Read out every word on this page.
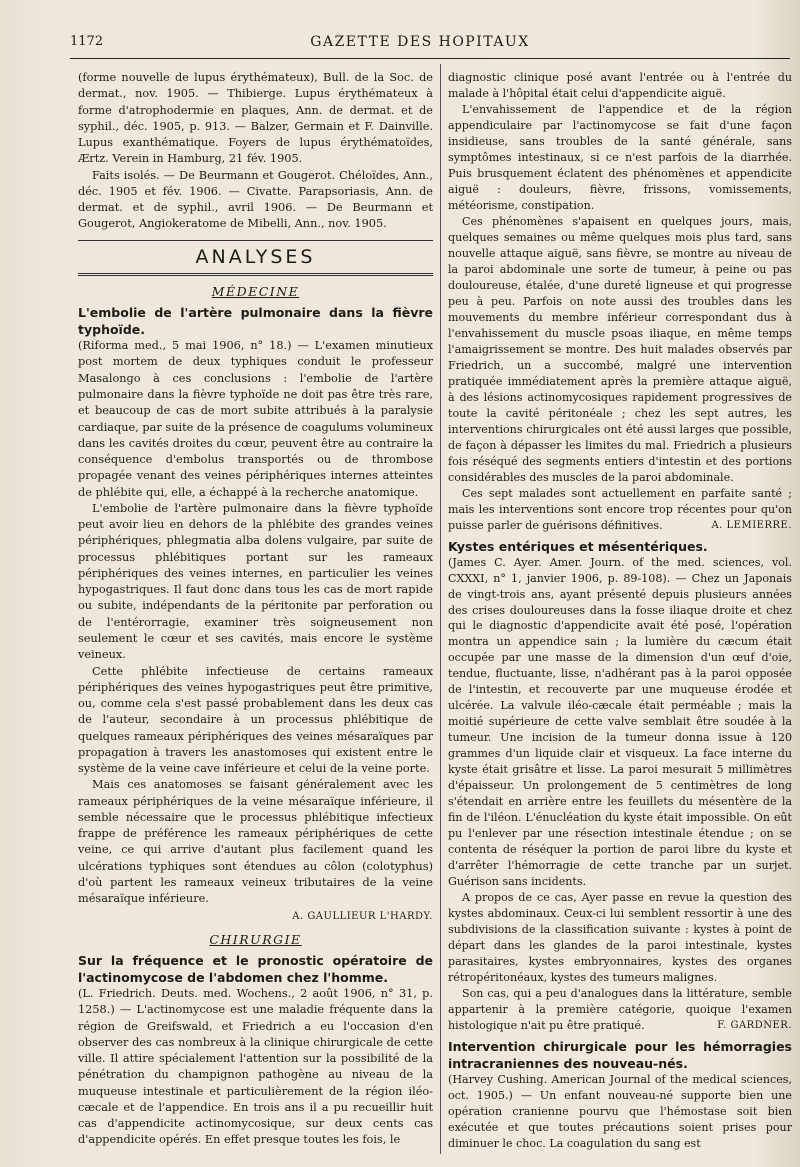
1172	GAZETTE DES HOPITAUX

(forme nouvelle de lupus érythémateux), Bull. de la Soc. de dermat., nov. 1905. — Thibierge. Lupus érythémateux à forme d'atrophodermie en plaques, Ann. de dermat. et de syphil., déc. 1905, p. 913. — Balzer, Germain et F. Dainville. Lupus exanthématique. Foyers de lupus érythématoïdes, Ærtz. Verein in Hamburg, 21 fév. 1905.

Faits isolés. — De Beurmann et Gougerot. Chéloïdes, Ann., déc. 1905 et fév. 1906. — Civatte. Parapsoriasis, Ann. de dermat. et de syphil., avril 1906. — De Beurmann et Gougerot, Angiokeratome de Mibelli, Ann., nov. 1905.

ANALYSES
MÉDECINE

L'embolie de l'artère pulmonaire dans la fièvre typhoïde.

(Riforma med., 5 mai 1906, n° 18.) — L'examen minutieux post mortem de deux typhiques conduit le professeur Masalongo à ces conclusions : l'embolie de l'artère pulmonaire dans la fièvre typhoïde ne doit pas être très rare, et beaucoup de cas de mort subite attribués à la paralysie cardiaque, par suite de la présence de coagulums volumineux dans les cavités droites du cœur, peuvent être au contraire la conséquence d'embolus transportés ou de thrombose propagée venant des veines périphériques internes atteintes de phlébite qui, elle, a échappé à la recherche anatomique.

L'embolie de l'artère pulmonaire dans la fièvre typhoïde peut avoir lieu en dehors de la phlébite des grandes veines périphériques, phlegmatia alba dolens vulgaire, par suite de processus phlébitiques portant sur les rameaux périphériques des veines internes, en particulier les veines hypogastriques. Il faut donc dans tous les cas de mort rapide ou subite, indépendants de la péritonite par perforation ou de l'entérorragie, examiner très soigneusement non seulement le cœur et ses cavités, mais encore le système veineux.

Cette phlébite infectieuse de certains rameaux périphériques des veines hypogastriques peut être primitive, ou, comme cela s'est passé probablement dans les deux cas de l'auteur, secondaire à un processus phlébitique de quelques rameaux périphériques des veines mésaraïques par propagation à travers les anastomoses qui existent entre le système de la veine cave inférieure et celui de la veine porte.

Mais ces anatomoses se faisant généralement avec les rameaux périphériques de la veine mésaraïque inférieure, il semble nécessaire que le processus phlébitique infectieux frappe de préférence les rameaux périphériques de cette veine, ce qui arrive d'autant plus facilement quand les ulcérations typhiques sont étendues au côlon (colotyphus) d'où partent les rameaux veineux tributaires de la veine mésaraïque inférieure.

A. GAULLIEUR L'HARDY.
CHIRURGIE

Sur la fréquence et le pronostic opératoire de l'actinomycose de l'abdomen chez l'homme.

(L. Friedrich. Deuts. med. Wochens., 2 août 1906, n° 31, p. 1258.) — L'actinomycose est une maladie fréquente dans la région de Greifswald, et Friedrich a eu l'occasion d'en observer des cas nombreux à la clinique chirurgicale de cette ville. Il attire spécialement l'attention sur la possibilité de la pénétration du champignon pathogène au niveau de la muqueuse intestinale et particulièrement de la région iléo-cæcale et de l'appendice. En trois ans il a pu recueillir huit cas d'appendicite actinomycosique, sur deux cents cas d'appendicite opérés. En effet presque toutes les fois, le

diagnostic clinique posé avant l'entrée ou à l'entrée du malade à l'hôpital était celui d'appendicite aiguë.

L'envahissement de l'appendice et de la région appendiculaire par l'actinomycose se fait d'une façon insidieuse, sans troubles de la santé générale, sans symptômes intestinaux, si ce n'est parfois de la diarrhée. Puis brusquement éclatent des phénomènes et appendicite aiguë : douleurs, fièvre, frissons, vomissements, météorisme, constipation.

Ces phénomènes s'apaisent en quelques jours, mais, quelques semaines ou même quelques mois plus tard, sans nouvelle attaque aiguë, sans fièvre, se montre au niveau de la paroi abdominale une sorte de tumeur, à peine ou pas douloureuse, étalée, d'une dureté ligneuse et qui progresse peu à peu. Parfois on note aussi des troubles dans les mouvements du membre inférieur correspondant dus à l'envahissement du muscle psoas iliaque, en même temps l'amaigrissement se montre. Des huit malades observés par Friedrich, un a succombé, malgré une intervention pratiquée immédiatement après la première attaque aiguë, à des lésions actinomycosiques rapidement progressives de toute la cavité péritonéale ; chez les sept autres, les interventions chirurgicales ont été aussi larges que possible, de façon à dépasser les limites du mal. Friedrich a plusieurs fois réséqué des segments entiers d'intestin et des portions considérables des muscles de la paroi abdominale.

Ces sept malades sont actuellement en parfaite santé ; mais les interventions sont encore trop récentes pour qu'on puisse parler de guérisons définitives.	A. LEMIERRE.

Kystes entériques et mésentériques.

(James C. Ayer. Amer. Journ. of the med. sciences, vol. CXXXI, n° 1, janvier 1906, p. 89-108). — Chez un Japonais de vingt-trois ans, ayant présenté depuis plusieurs années des crises douloureuses dans la fosse iliaque droite et chez qui le diagnostic d'appendicite avait été posé, l'opération montra un appendice sain ; la lumière du cæcum était occupée par une masse de la dimension d'un œuf d'oie, tendue, fluctuante, lisse, n'adhérant pas à la paroi opposée de l'intestin, et recouverte par une muqueuse érodée et ulcérée. La valvule iléo-cæcale était perméable ; mais la moitié supérieure de cette valve semblait être soudée à la tumeur. Une incision de la tumeur donna issue à 120 grammes d'un liquide clair et visqueux. La face interne du kyste était grisâtre et lisse. La paroi mesurait 5 millimètres d'épaisseur. Un prolongement de 5 centimètres de long s'étendait en arrière entre les feuillets du mésentère de la fin de l'iléon. L'énucléation du kyste était impossible. On eût pu l'enlever par une résection intestinale étendue ; on se contenta de réséquer la portion de paroi libre du kyste et d'arrêter l'hémorragie de cette tranche par un surjet. Guérison sans incidents.

A propos de ce cas, Ayer passe en revue la question des kystes abdominaux. Ceux-ci lui semblent ressortir à une des subdivisions de la classification suivante : kystes à point de départ dans les glandes de la paroi intestinale, kystes parasitaires, kystes embryonnaires, kystes des organes rétropéritonéaux, kystes des tumeurs malignes.

Son cas, qui a peu d'analogues dans la littérature, semble appartenir à la première catégorie, quoique l'examen histologique n'ait pu être pratiqué.	F. GARDNER.

Intervention chirurgicale pour les hémorragies intracraniennes des nouveau-nés.

(Harvey Cushing. American Journal of the medical sciences, oct. 1905.) — Un enfant nouveau-né supporte bien une opération cranienne pourvu que l'hémostase soit bien exécutée et que toutes précautions soient prises pour diminuer le choc. La coagulation du sang est
